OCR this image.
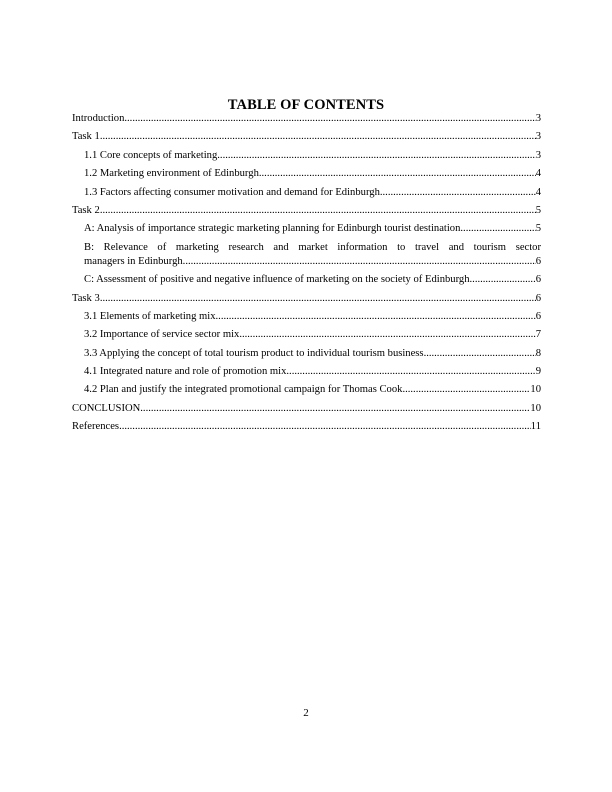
TABLE OF CONTENTS
Introduction .....	3
Task 1 .....	3
1.1 Core concepts of marketing .....	3
1.2 Marketing environment of Edinburgh .....	4
1.3 Factors affecting consumer motivation and demand for Edinburgh .....	4
Task 2 .....	5
A: Analysis of importance strategic marketing planning for Edinburgh tourist destination .....	5
B: Relevance of marketing research and market information to travel and tourism sector
managers in Edinburgh .....	6
C: Assessment of positive and negative influence of marketing on the society of Edinburgh .....	6
Task 3 .....	6
3.1 Elements of marketing mix .....	6
3.2 Importance of service sector mix .....	7
3.3 Applying the concept of total tourism product to individual tourism business .....	8
4.1 Integrated nature and role of promotion mix .....	9
4.2 Plan and justify the integrated promotional campaign for Thomas Cook .....	10
CONCLUSION .....	10
References .....	11
2
